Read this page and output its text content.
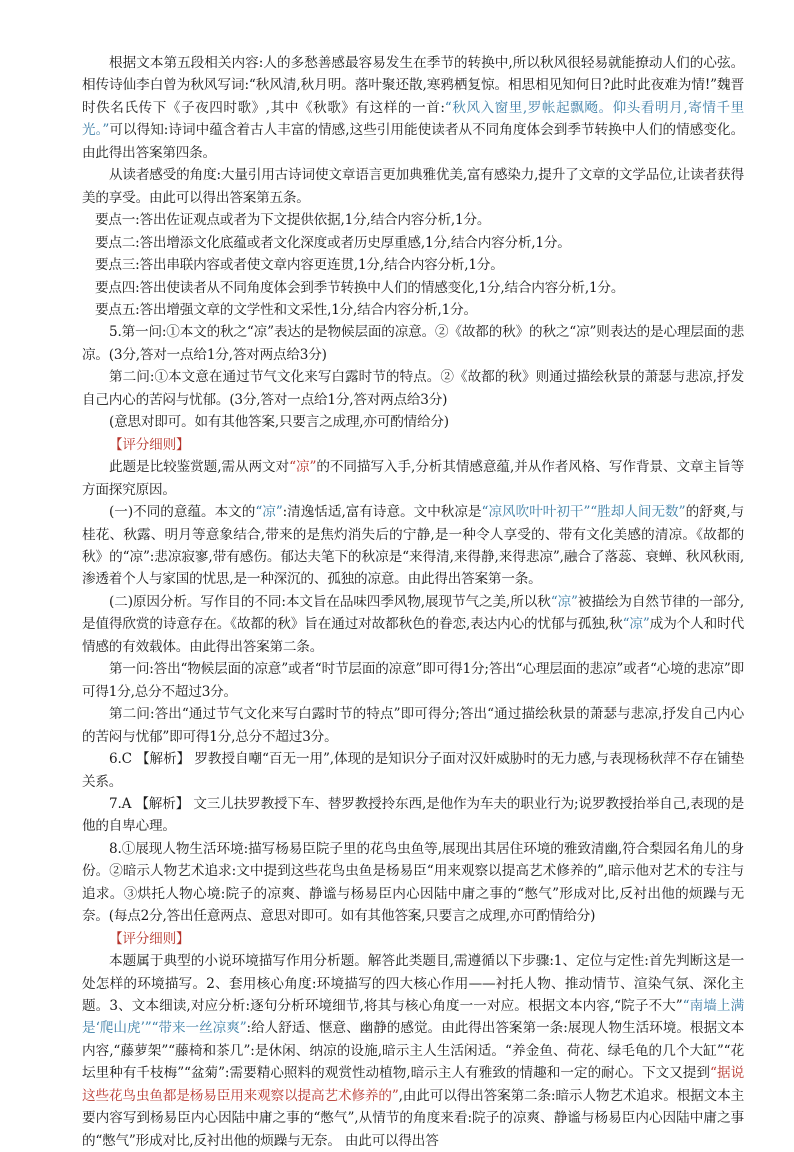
根据文本第五段相关内容:人的多愁善感最容易发生在季节的转换中,所以秋风很轻易就能撩动人们的心弦。相传诗仙李白曾为秋风写词:“秋风清,秋月明。落叶聚还散,寒鸦栖复惊。相思相见知何日?此时此夜难为情!”魏晋时佚名氏传下《子夜四时歌》,其中《秋歌》有这样的一首:“秋风入窗里,罗帐起飘飏。仰头看明月,寄情千里光。”可以得知:诗词中蕴含着古人丰富的情感,这些引用能使读者从不同角度体会到季节转换中人们的情感变化。由此得出答案第四条。

从读者感受的角度:大量引用古诗词使文章语言更加典雅优美,富有感染力,提升了文章的文学品位,让读者获得美的享受。由此可以得出答案第五条。

要点一:答出佐证观点或者为下文提供依据,1分,结合内容分析,1分。

要点二:答出增添文化底蕴或者文化深度或者历史厚重感,1分,结合内容分析,1分。

要点三:答出串联内容或者使文章内容更连贯,1分,结合内容分析,1分。

要点四:答出使读者从不同角度体会到季节转换中人们的情感变化,1分,结合内容分析,1分。

要点五:答出增强文章的文学性和文采性,1分,结合内容分析,1分。

5.第一问:①本文的秋之“凉”表达的是物候层面的凉意。②《故都的秋》的秋之“凉”则表达的是心理层面的悲凉。(3分,答对一点给1分,答对两点给3分)

第二问:①本文意在通过节气文化来写白露时节的特点。②《故都的秋》则通过描绘秋景的萧瑟与悲凉,抒发自己内心的苦闷与忧郁。(3分,答对一点给1分,答对两点给3分)

(意思对即可。如有其他答案,只要言之成理,亦可酌情给分)

【评分细则】

此题是比较鉴赏题,需从两文对“凉”的不同描写入手,分析其情感意蕴,并从作者风格、写作背景、文章主旨等方面探究原因。

(一)不同的意蕴。本文的“凉”:清逸恬适,富有诗意。文中秋凉是“凉风吹叶叶初干”“胜却人间无数”的舒爽,与桂花、秋露、明月等意象结合,带来的是焦灼消失后的宁静,是一种令人享受的、带有文化美感的清凉。《故都的秋》的“凉”:悲凉寂寥,带有感伤。郁达夫笔下的秋凉是“来得清,来得静,来得悲凉”,融合了落蕊、衰蝉、秋风秋雨,渗透着个人与家国的忧思,是一种深沉的、孤独的凉意。由此得出答案第一条。

(二)原因分析。写作目的不同:本文旨在品味四季风物,展现节气之美,所以秋“凉”被描绘为自然节律的一部分,是值得欣赏的诗意存在。《故都的秋》旨在通过对故都秋色的眷恋,表达内心的忧郁与孤独,秋“凉”成为个人和时代情感的有效载体。由此得出答案第二条。

第一问:答出“物候层面的凉意”或者“时节层面的凉意”即可得1分;答出“心理层面的悲凉”或者“心境的悲凉”即可得1分,总分不超过3分。

第二问:答出“通过节气文化来写白露时节的特点”即可得分;答出“通过描绘秋景的萧瑟与悲凉,抒发自己内心的苦闷与忧郁”即可得1分,总分不超过3分。

6.C 【解析】 罗教授自嘲“百无一用”,体现的是知识分子面对汉奸威胁时的无力感,与表现杨秋萍不存在铺垫关系。

7.A 【解析】 文三儿扶罗教授下车、替罗教授拎东西,是他作为车夫的职业行为;说罗教授抬举自己,表现的是他的自卑心理。

8.①展现人物生活环境:描写杨易臣院子里的花鸟虫鱼等,展现出其居住环境的雅致清幽,符合梨园名角儿的身份。②暗示人物艺术追求:文中提到这些花鸟虫鱼是杨易臣“用来观察以提高艺术修养的”,暗示他对艺术的专注与追求。③烘托人物心境:院子的凉爽、静谧与杨易臣内心因陆中庸之事的“憋气”形成对比,反衬出他的烦躁与无奈。(每点2分,答出任意两点、意思对即可。如有其他答案,只要言之成理,亦可酌情给分)

【评分细则】

本题属于典型的小说环境描写作用分析题。解答此类题目,需遵循以下步骤:1、定位与定性:首先判断这是一处怎样的环境描写。2、套用核心角度:环境描写的四大核心作用——衬托人物、推动情节、渲染气氛、深化主题。3、文本细读,对应分析:逐句分析环境细节,将其与核心角度一一对应。根据文本内容,“院子不大”“南墙上满是‘爬山虎’”“带来一丝凉爽”:给人舒适、惬意、幽静的感觉。由此得出答案第一条:展现人物生活环境。根据文本内容,“藤萝架”“藤椅和茶几”:是休闲、纳凉的设施,暗示主人生活闲适。“养金鱼、荷花、绿毛龟的几个大缸”“花坛里种有千枝梅”“盆菊”:需要精心照料的观赏性动植物,暗示主人有雅致的情趣和一定的耐心。下文又提到“据说这些花鸟虫鱼都是杨易臣用来观察以提高艺术修养的”,由此可以得出答案第二条:暗示人物艺术追求。根据文本主要内容写到杨易臣内心因陆中庸之事的“憋气”,从情节的角度来看:院子的凉爽、静谧与杨易臣内心因陆中庸之事的“憋气”形成对比,反衬出他的烦躁与无奈。 由此可以得出答
